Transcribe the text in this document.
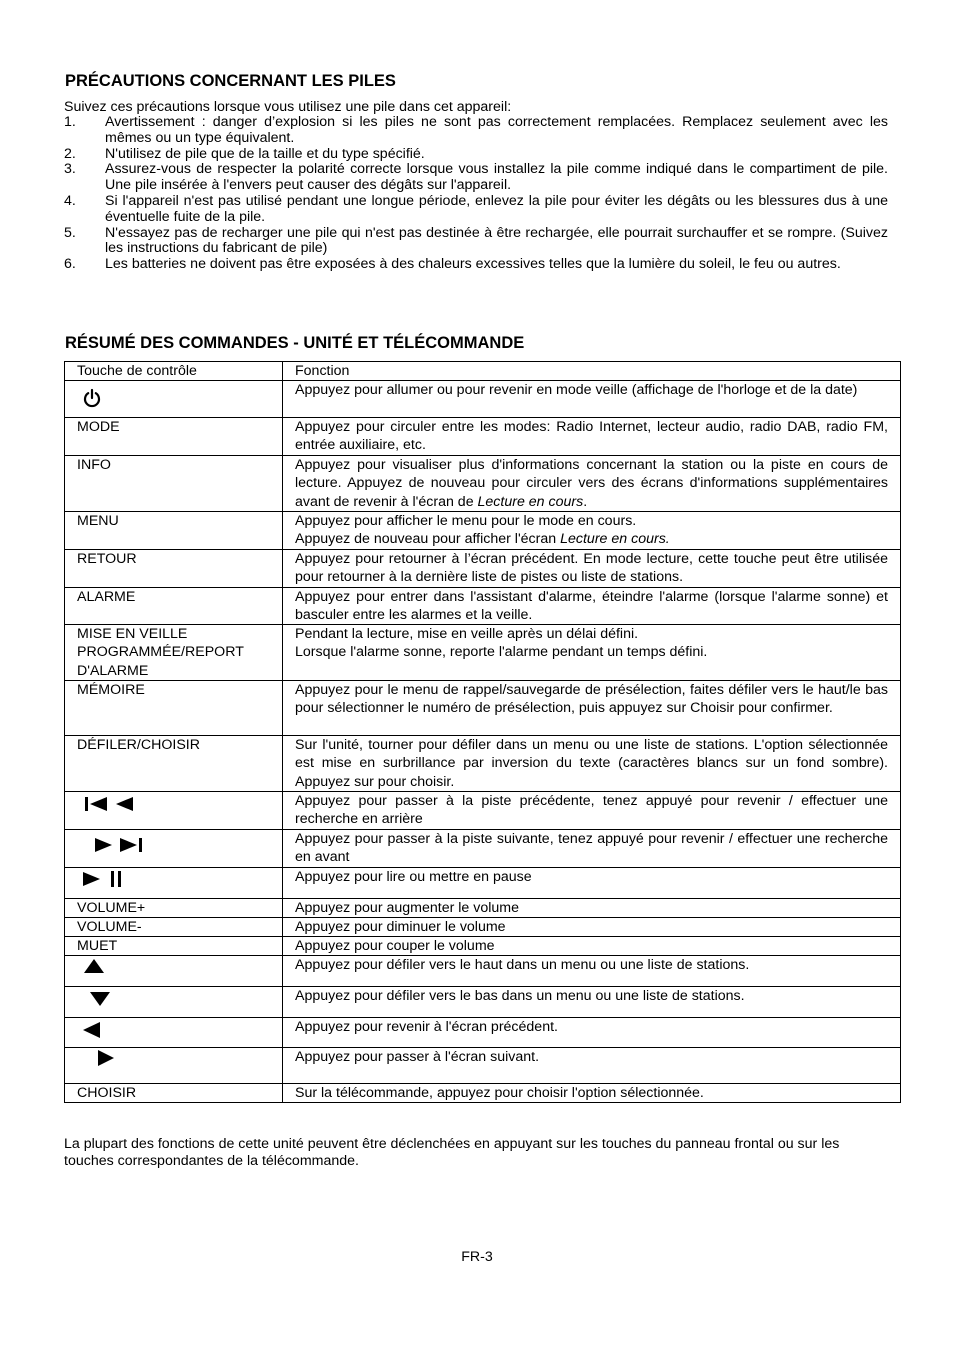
PRÉCAUTIONS CONCERNANT LES PILES
Suivez ces précautions lorsque vous utilisez une pile dans cet appareil:
1. Avertissement : danger d’explosion si les piles ne sont pas correctement remplacées. Remplacez seulement avec les mêmes ou un type équivalent.
2. N'utilisez de pile que de la taille et du type spécifié.
3. Assurez-vous de respecter la polarité correcte lorsque vous installez la pile comme indiqué dans le compartiment de pile. Une pile insérée à l'envers peut causer des dégâts sur l'appareil.
4. Si l'appareil n'est pas utilisé pendant une longue période, enlevez la pile pour éviter les dégâts ou les blessures dus à une éventuelle fuite de la pile.
5. N'essayez pas de recharger une pile qui n'est pas destinée à être rechargée, elle pourrait surchauffer et se rompre. (Suivez les instructions du fabricant de pile)
6. Les batteries ne doivent pas être exposées à des chaleurs excessives telles que la lumière du soleil, le feu ou autres.
RÉSUMÉ DES COMMANDES - UNITÉ ET TÉLÉCOMMANDE
Touche de contrôle	Fonction
	Appuyez pour allumer ou pour revenir en mode veille (affichage de l'horloge et de la date)
MODE	Appuyez pour circuler entre les modes: Radio Internet, lecteur audio, radio DAB, radio FM, entrée auxiliaire, etc.
INFO	Appuyez pour visualiser plus d'informations concernant la station ou la piste en cours de lecture. Appuyez de nouveau pour circuler vers des écrans d'informations supplémentaires avant de revenir à l'écran de Lecture en cours.
MENU	Appuyez pour afficher le menu pour le mode en cours.
Appuyez de nouveau pour afficher l'écran Lecture en cours.

RETOUR	Appuyez pour retourner à l’écran précédent. En mode lecture, cette touche peut être utilisée pour retourner à la dernière liste de pistes ou liste de stations.
ALARME	Appuyez pour entrer dans l'assistant d'alarme, éteindre l'alarme (lorsque l'alarme sonne) et basculer entre les alarmes et la veille.
MISE EN VEILLE PROGRAMMÉE/REPORT D'ALARME	Pendant la lecture, mise en veille après un délai défini.
Lorsque l'alarme sonne, reporte l'alarme pendant un temps défini.

MÉMOIRE	Appuyez pour le menu de rappel/sauvegarde de présélection, faites défiler vers le haut/le bas pour sélectionner le numéro de présélection, puis appuyez sur Choisir pour confirmer.
DÉFILER/CHOISIR	Sur l'unité, tourner pour défiler dans un menu ou une liste de stations. L'option sélectionnée est mise en surbrillance par inversion du texte (caractères blancs sur un fond sombre). Appuyez sur pour choisir.
	Appuyez pour passer à la piste précédente, tenez appuyé pour revenir / effectuer une recherche en arrière
	Appuyez pour passer à la piste suivante, tenez appuyé pour revenir / effectuer une recherche en avant
	Appuyez pour lire ou mettre en pause
VOLUME+	Appuyez pour augmenter le volume
VOLUME-	Appuyez pour diminuer le volume
MUET	Appuyez pour couper le volume
	Appuyez pour défiler vers le haut dans un menu ou une liste de stations.
	Appuyez pour défiler vers le bas dans un menu ou une liste de stations.
	Appuyez pour revenir à l'écran précédent.
	Appuyez pour passer à l'écran suivant.
CHOISIR	Sur la télécommande, appuyez pour choisir l'option sélectionnée.
La plupart des fonctions de cette unité peuvent être déclenchées en appuyant sur les touches du panneau frontal ou sur les touches correspondantes de la télécommande.
FR-3
